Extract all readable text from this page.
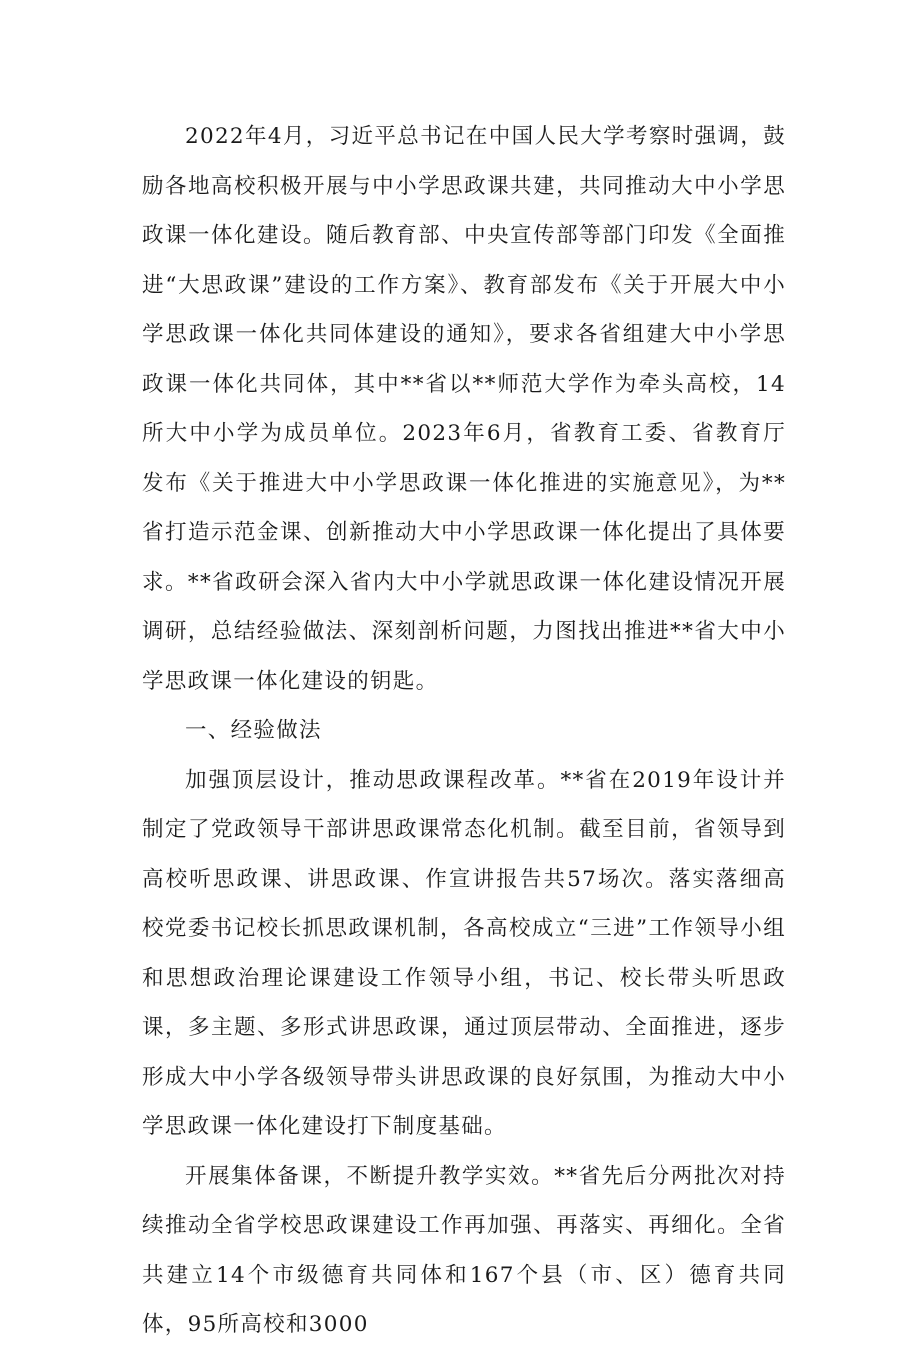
2022年4月，习近平总书记在中国人民大学考察时强调，鼓励各地高校积极开展与中小学思政课共建，共同推动大中小学思政课一体化建设。随后教育部、中央宣传部等部门印发《全面推进“大思政课”建设的工作方案》、教育部发布《关于开展大中小学思政课一体化共同体建设的通知》，要求各省组建大中小学思政课一体化共同体，其中**省以**师范大学作为牵头高校，14所大中小学为成员单位。2023年6月，省教育工委、省教育厅发布《关于推进大中小学思政课一体化推进的实施意见》，为**省打造示范金课、创新推动大中小学思政课一体化提出了具体要求。**省政研会深入省内大中小学就思政课一体化建设情况开展调研，总结经验做法、深刻剖析问题，力图找出推进**省大中小学思政课一体化建设的钥匙。

一、经验做法

加强顶层设计，推动思政课程改革。**省在2019年设计并制定了党政领导干部讲思政课常态化机制。截至目前，省领导到高校听思政课、讲思政课、作宣讲报告共57场次。落实落细高校党委书记校长抓思政课机制，各高校成立“三进”工作领导小组和思想政治理论课建设工作领导小组，书记、校长带头听思政课，多主题、多形式讲思政课，通过顶层带动、全面推进，逐步形成大中小学各级领导带头讲思政课的良好氛围，为推动大中小学思政课一体化建设打下制度基础。

开展集体备课，不断提升教学实效。**省先后分两批次对持续推动全省学校思政课建设工作再加强、再落实、再细化。全省共建立14个市级德育共同体和167个县（市、区）德育共同体，95所高校和3000
